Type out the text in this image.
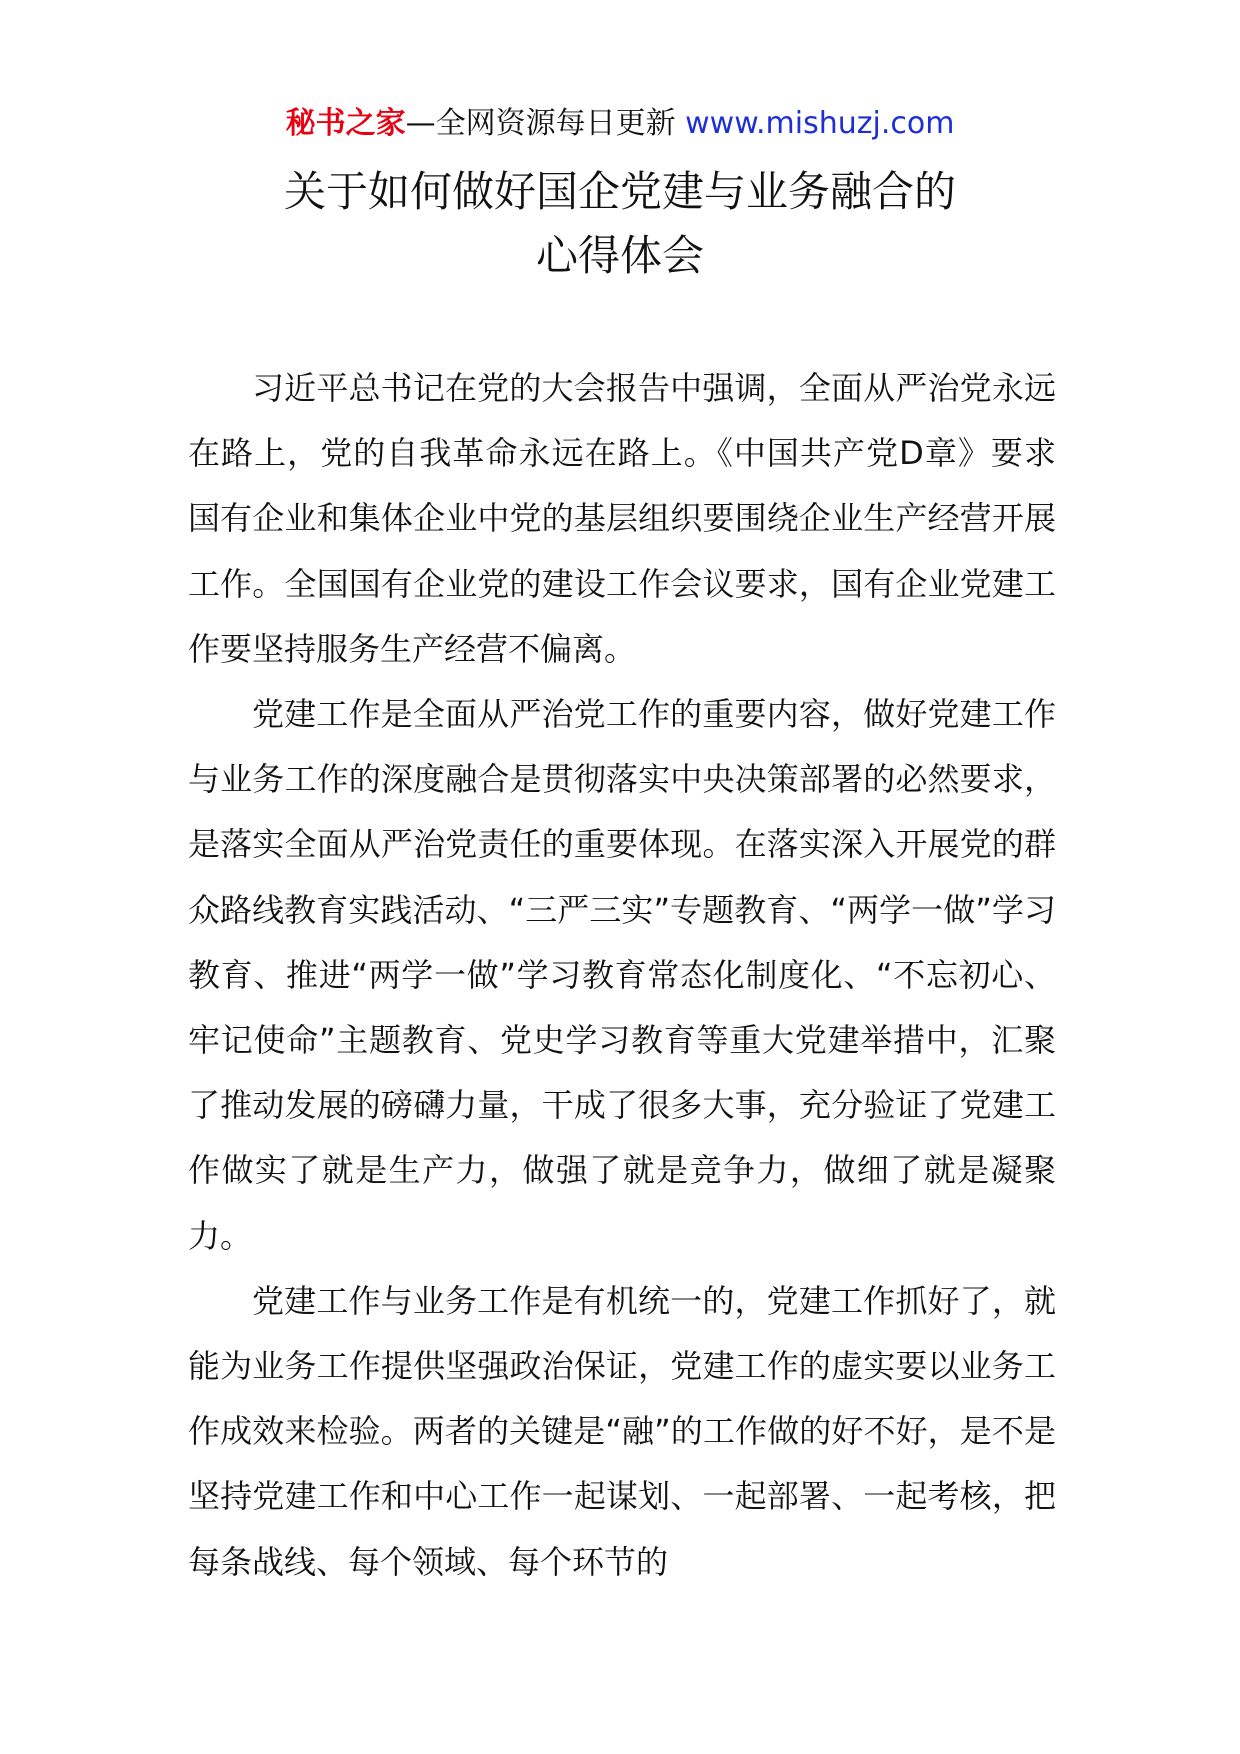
秘书之家—全网资源每日更新 www.mishuzj.com
关于如何做好国企党建与业务融合的
心得体会

习近平总书记在党的大会报告中强调，全面从严治党永远在路上，党的自我革命永远在路上。《中国共产党D章》要求国有企业和集体企业中党的基层组织要围绕企业生产经营开展工作。全国国有企业党的建设工作会议要求，国有企业党建工作要坚持服务生产经营不偏离。

党建工作是全面从严治党工作的重要内容，做好党建工作与业务工作的深度融合是贯彻落实中央决策部署的必然要求，是落实全面从严治党责任的重要体现。在落实深入开展党的群众路线教育实践活动、“三严三实”专题教育、“两学一做”学习教育、推进“两学一做”学习教育常态化制度化、“不忘初心、牢记使命”主题教育、党史学习教育等重大党建举措中，汇聚了推动发展的磅礴力量，干成了很多大事，充分验证了党建工作做实了就是生产力，做强了就是竞争力，做细了就是凝聚力。

党建工作与业务工作是有机统一的，党建工作抓好了，就能为业务工作提供坚强政治保证，党建工作的虚实要以业务工作成效来检验。两者的关键是“融”的工作做的好不好，是不是坚持党建工作和中心工作一起谋划、一起部署、一起考核，把每条战线、每个领域、每个环节的
